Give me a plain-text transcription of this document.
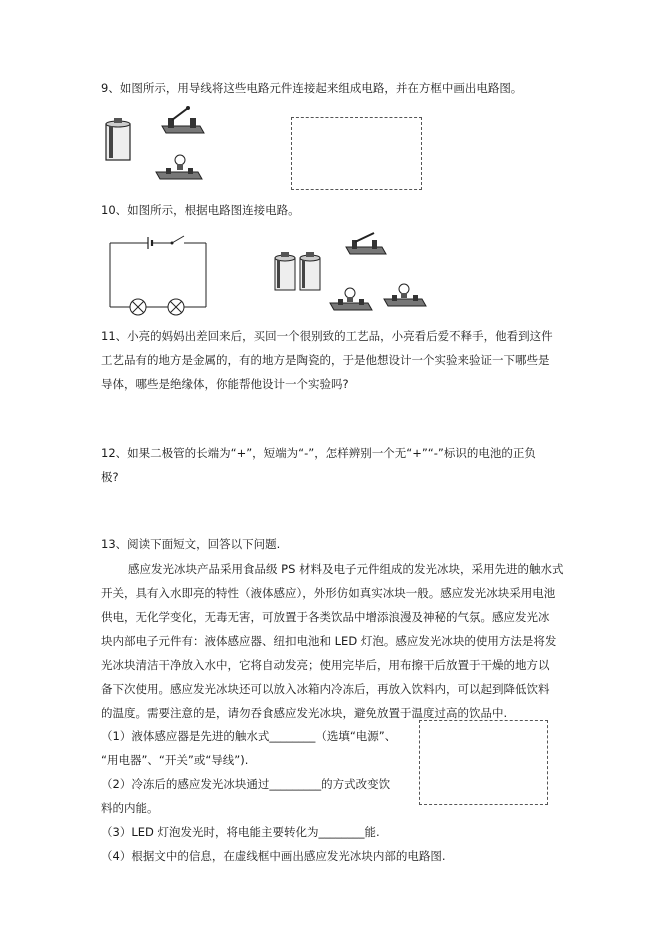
9、如图所示，用导线将这些电路元件连接起来组成电路，并在方框中画出电路图。
10、如图所示，根据电路图连接电路。
11、小亮的妈妈出差回来后，买回一个很别致的工艺品，小亮看后爱不释手，他看到这件
工艺品有的地方是金属的，有的地方是陶瓷的，于是他想设计一个实验来验证一下哪些是
导体，哪些是绝缘体，你能帮他设计一个实验吗?
12、如果二极管的长端为“+”，短端为“-”，怎样辨别一个无“+”“-”标识的电池的正负
极?
13、阅读下面短文，回答以下问题.
感应发光冰块产品采用食品级 PS 材料及电子元件组成的发光冰块，采用先进的触水式
开关，具有入水即亮的特性（液体感应），外形仿如真实冰块一般。感应发光冰块采用电池
供电，无化学变化，无毒无害，可放置于各类饮品中增添浪漫及神秘的气氛。感应发光冰
块内部电子元件有：液体感应器、纽扣电池和 LED 灯泡。感应发光冰块的使用方法是将发
光冰块清洁干净放入水中，它将自动发亮；使用完毕后，用布擦干后放置于干燥的地方以
备下次使用。感应发光冰块还可以放入冰箱内冷冻后，再放入饮料内，可以起到降低饮料
的温度。需要注意的是，请勿吞食感应发光冰块，避免放置于温度过高的饮品中.
（1）液体感应器是先进的触水式________（选填“电源”、
“用电器”、“开关”或“导线”).
（2）冷冻后的感应发光冰块通过_________的方式改变饮
料的内能。
（3）LED 灯泡发光时，将电能主要转化为________能.
（4）根据文中的信息，在虚线框中画出感应发光冰块内部的电路图.
